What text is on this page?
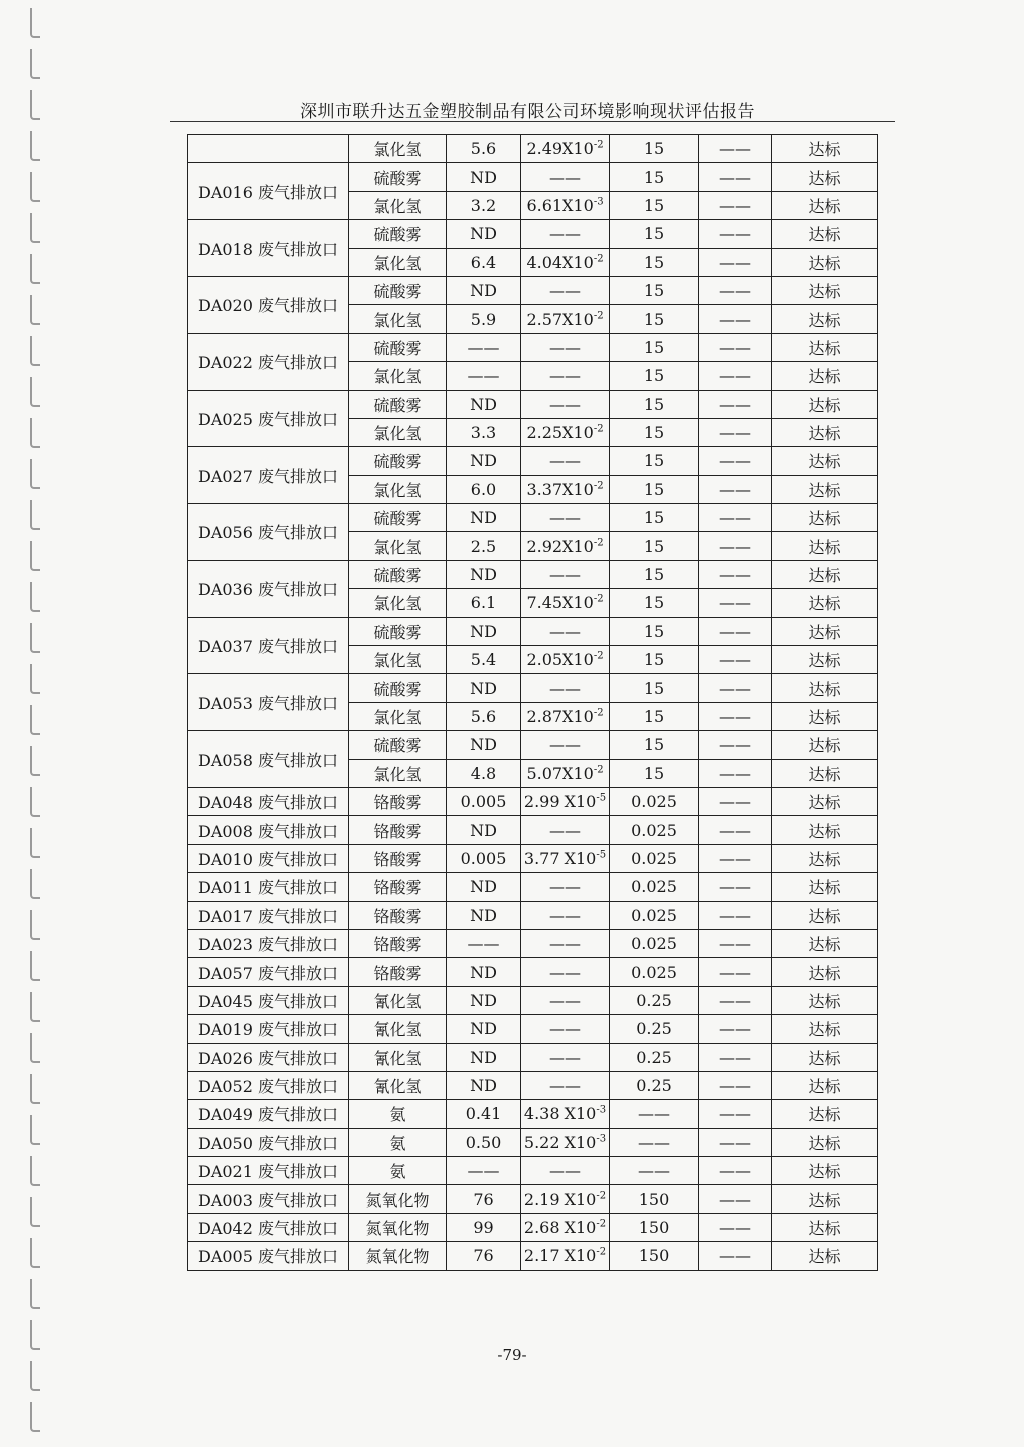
深圳市联升达五金塑胶制品有限公司环境影响现状评估报告
	氯化氢	5.6	$2.49X10^{-2}$	15	——	达标
DA016 废气排放口	硫酸雾	ND	——	15	——	达标
	氯化氢	3.2	$6.61X10^{-3}$	15	——	达标
DA018 废气排放口	硫酸雾	ND	——	15	——	达标
	氯化氢	6.4	$4.04X10^{-2}$	15	——	达标
DA020 废气排放口	硫酸雾	ND	——	15	——	达标
	氯化氢	5.9	$2.57X10^{-2}$	15	——	达标
DA022 废气排放口	硫酸雾	——	——	15	——	达标
	氯化氢	——	——	15	——	达标
DA025 废气排放口	硫酸雾	ND	——	15	——	达标
	氯化氢	3.3	$2.25X10^{-2}$	15	——	达标
DA027 废气排放口	硫酸雾	ND	——	15	——	达标
	氯化氢	6.0	$3.37X10^{-2}$	15	——	达标
DA056 废气排放口	硫酸雾	ND	——	15	——	达标
	氯化氢	2.5	$2.92X10^{-2}$	15	——	达标
DA036 废气排放口	硫酸雾	ND	——	15	——	达标
	氯化氢	6.1	$7.45X10^{-2}$	15	——	达标
DA037 废气排放口	硫酸雾	ND	——	15	——	达标
	氯化氢	5.4	$2.05X10^{-2}$	15	——	达标
DA053 废气排放口	硫酸雾	ND	——	15	——	达标
	氯化氢	5.6	$2.87X10^{-2}$	15	——	达标
DA058 废气排放口	硫酸雾	ND	——	15	——	达标
	氯化氢	4.8	$5.07X10^{-2}$	15	——	达标
DA048 废气排放口	铬酸雾	0.005	2.99 $X10^{-5}$	0.025	——	达标
DA008 废气排放口	铬酸雾	ND	——	0.025	——	达标
DA010 废气排放口	铬酸雾	0.005	3.77 $X10^{-5}$	0.025	——	达标
DA011 废气排放口	铬酸雾	ND	——	0.025	——	达标
DA017 废气排放口	铬酸雾	ND	——	0.025	——	达标
DA023 废气排放口	铬酸雾	——	——	0.025	——	达标
DA057 废气排放口	铬酸雾	ND	——	0.025	——	达标
DA045 废气排放口	氰化氢	ND	——	0.25	——	达标
DA019 废气排放口	氰化氢	ND	——	0.25	——	达标
DA026 废气排放口	氰化氢	ND	——	0.25	——	达标
DA052 废气排放口	氰化氢	ND	——	0.25	——	达标
DA049 废气排放口	氨	0.41	4.38 $X10^{-3}$	——	——	达标
DA050 废气排放口	氨	0.50	5.22 $X10^{-3}$	——	——	达标
DA021 废气排放口	氨	——	——	——	——	达标
DA003 废气排放口	氮氧化物	76	2.19 $X10^{-2}$	150	——	达标
DA042 废气排放口	氮氧化物	99	2.68 $X10^{-2}$	150	——	达标
DA005 废气排放口	氮氧化物	76	2.17 $X10^{-2}$	150	——	达标
-79-
